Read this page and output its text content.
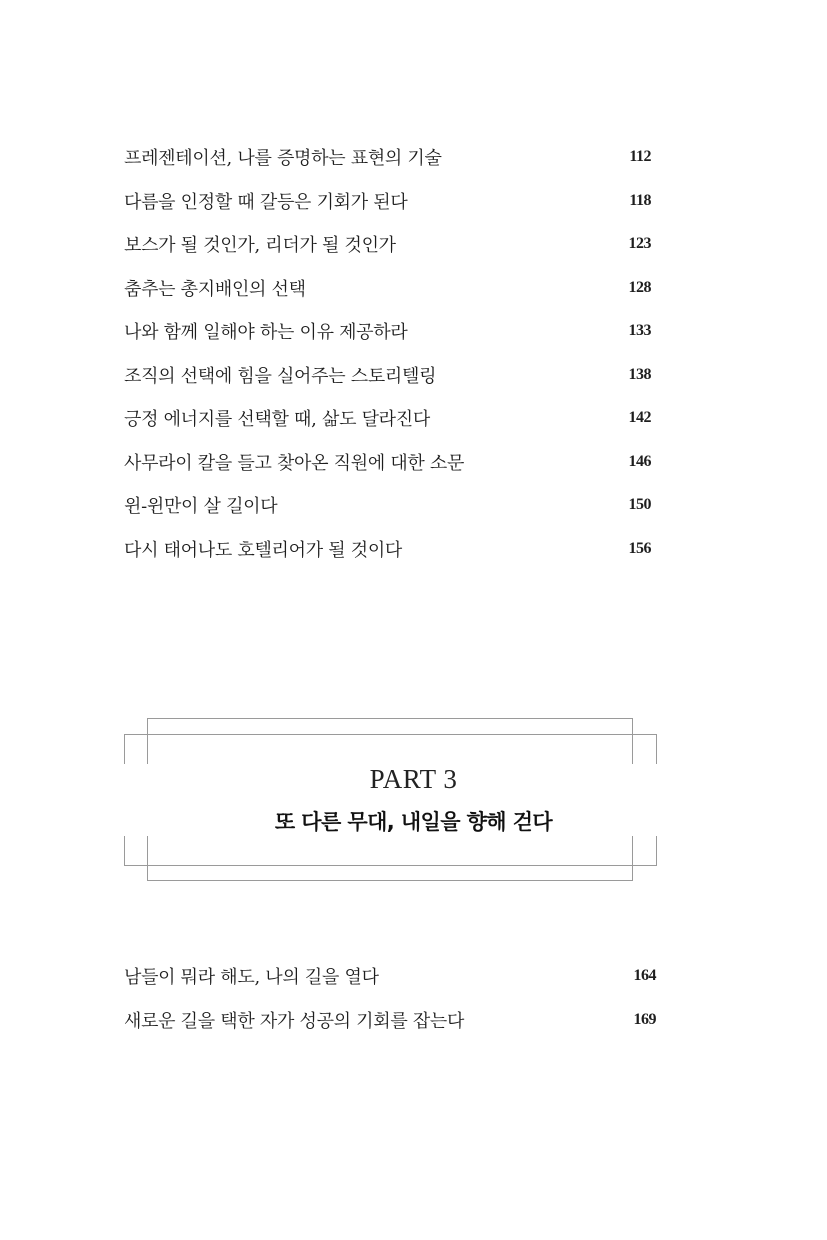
프레젠테이션, 나를 증명하는 표현의 기술	112
다름을 인정할 때 갈등은 기회가 된다	118
보스가 될 것인가, 리더가 될 것인가	123
춤추는 총지배인의 선택	128
나와 함께 일해야 하는 이유 제공하라	133
조직의 선택에 힘을 실어주는 스토리텔링	138
긍정 에너지를 선택할 때, 삶도 달라진다	142
사무라이 칼을 들고 찾아온 직원에 대한 소문	146
윈-윈만이 살 길이다	150
다시 태어나도 호텔리어가 될 것이다	156
PART 3
또 다른 무대, 내일을 향해 걷다
남들이 뭐라 해도, 나의 길을 열다	164
새로운 길을 택한 자가 성공의 기회를 잡는다	169
